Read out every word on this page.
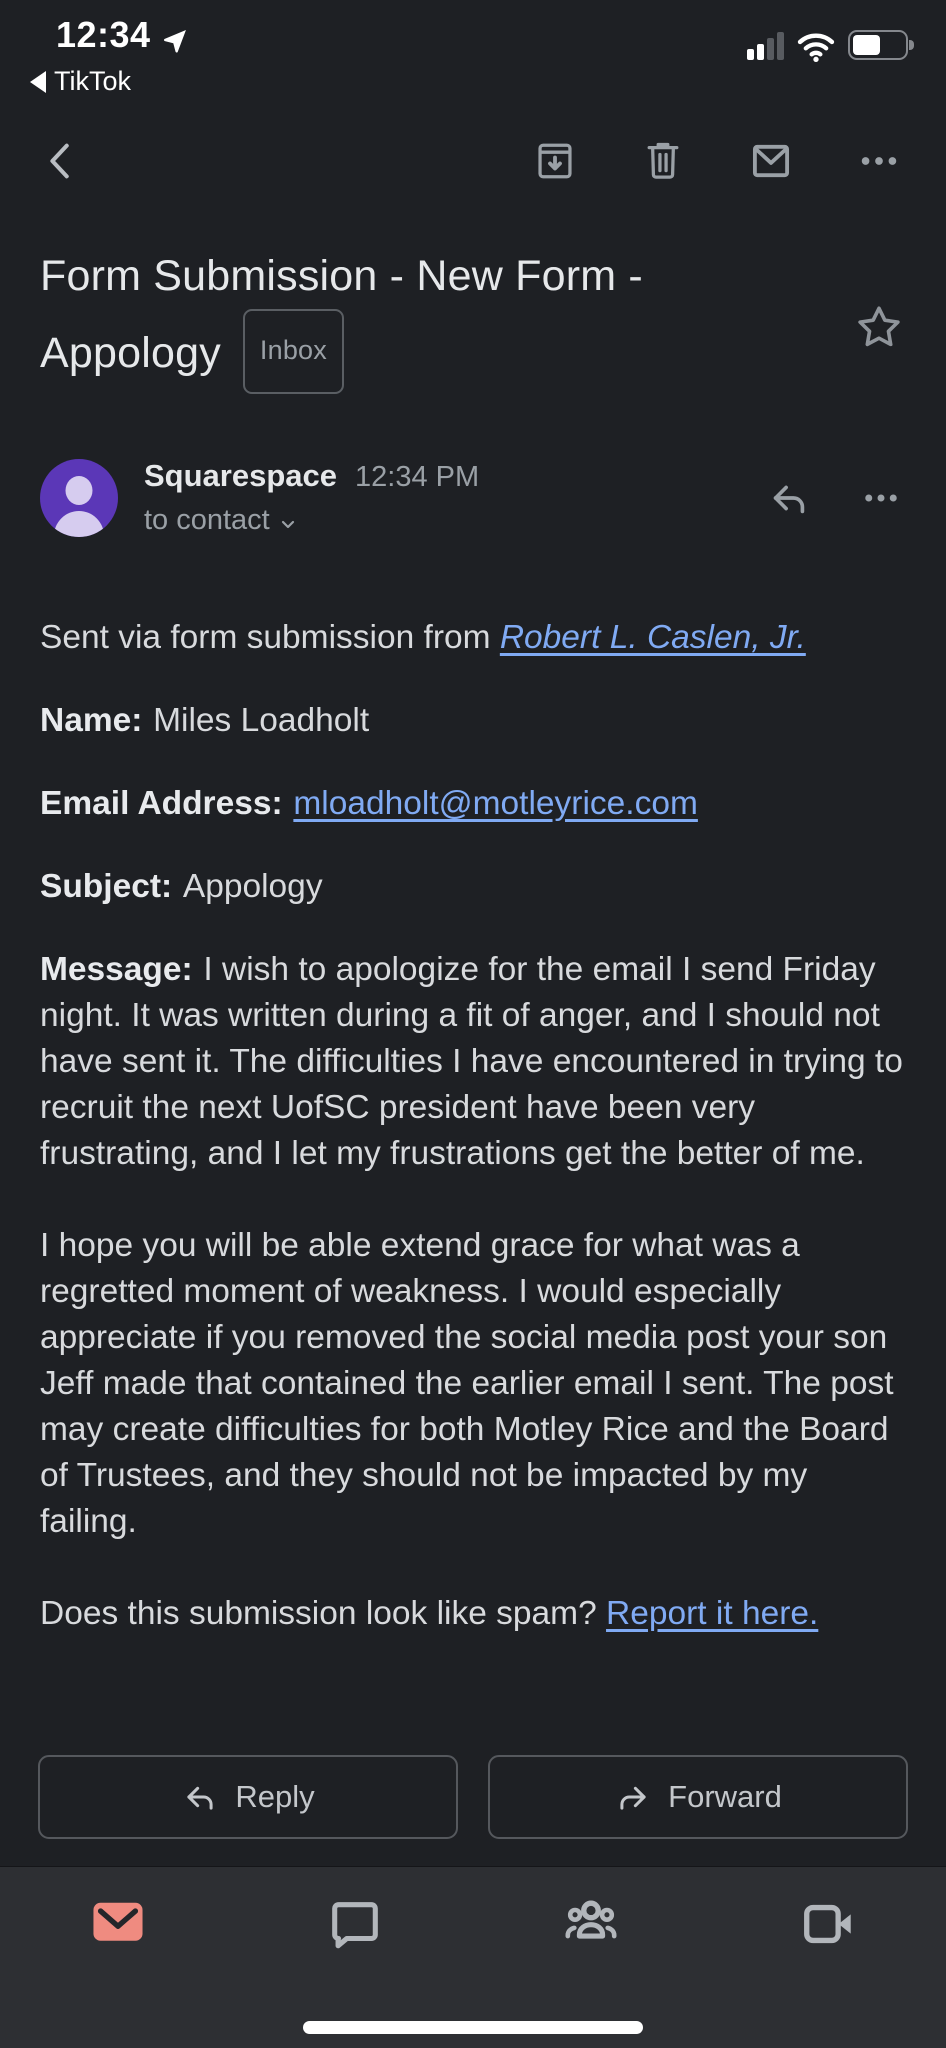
12:34
TikTok
Form Submission - New Form - Appology Inbox
Squarespace 12:34 PM
to contact

Sent via form submission from Robert L. Caslen, Jr.

Name: Miles Loadholt

Email Address: mloadholt@motleyrice.com

Subject: Appology

Message: I wish to apologize for the email I send Friday night. It was written during a fit of anger, and I should not have sent it. The difficulties I have encountered in trying to recruit the next UofSC president have been very frustrating, and I let my frustrations get the better of me.

I hope you will be able extend grace for what was a regretted moment of weakness. I would especially appreciate if you removed the social media post your son Jeff made that contained the earlier email I sent. The post may create difficulties for both Motley Rice and the Board of Trustees, and they should not be impacted by my failing.

Does this submission look like spam? Report it here.

Reply	Forward
